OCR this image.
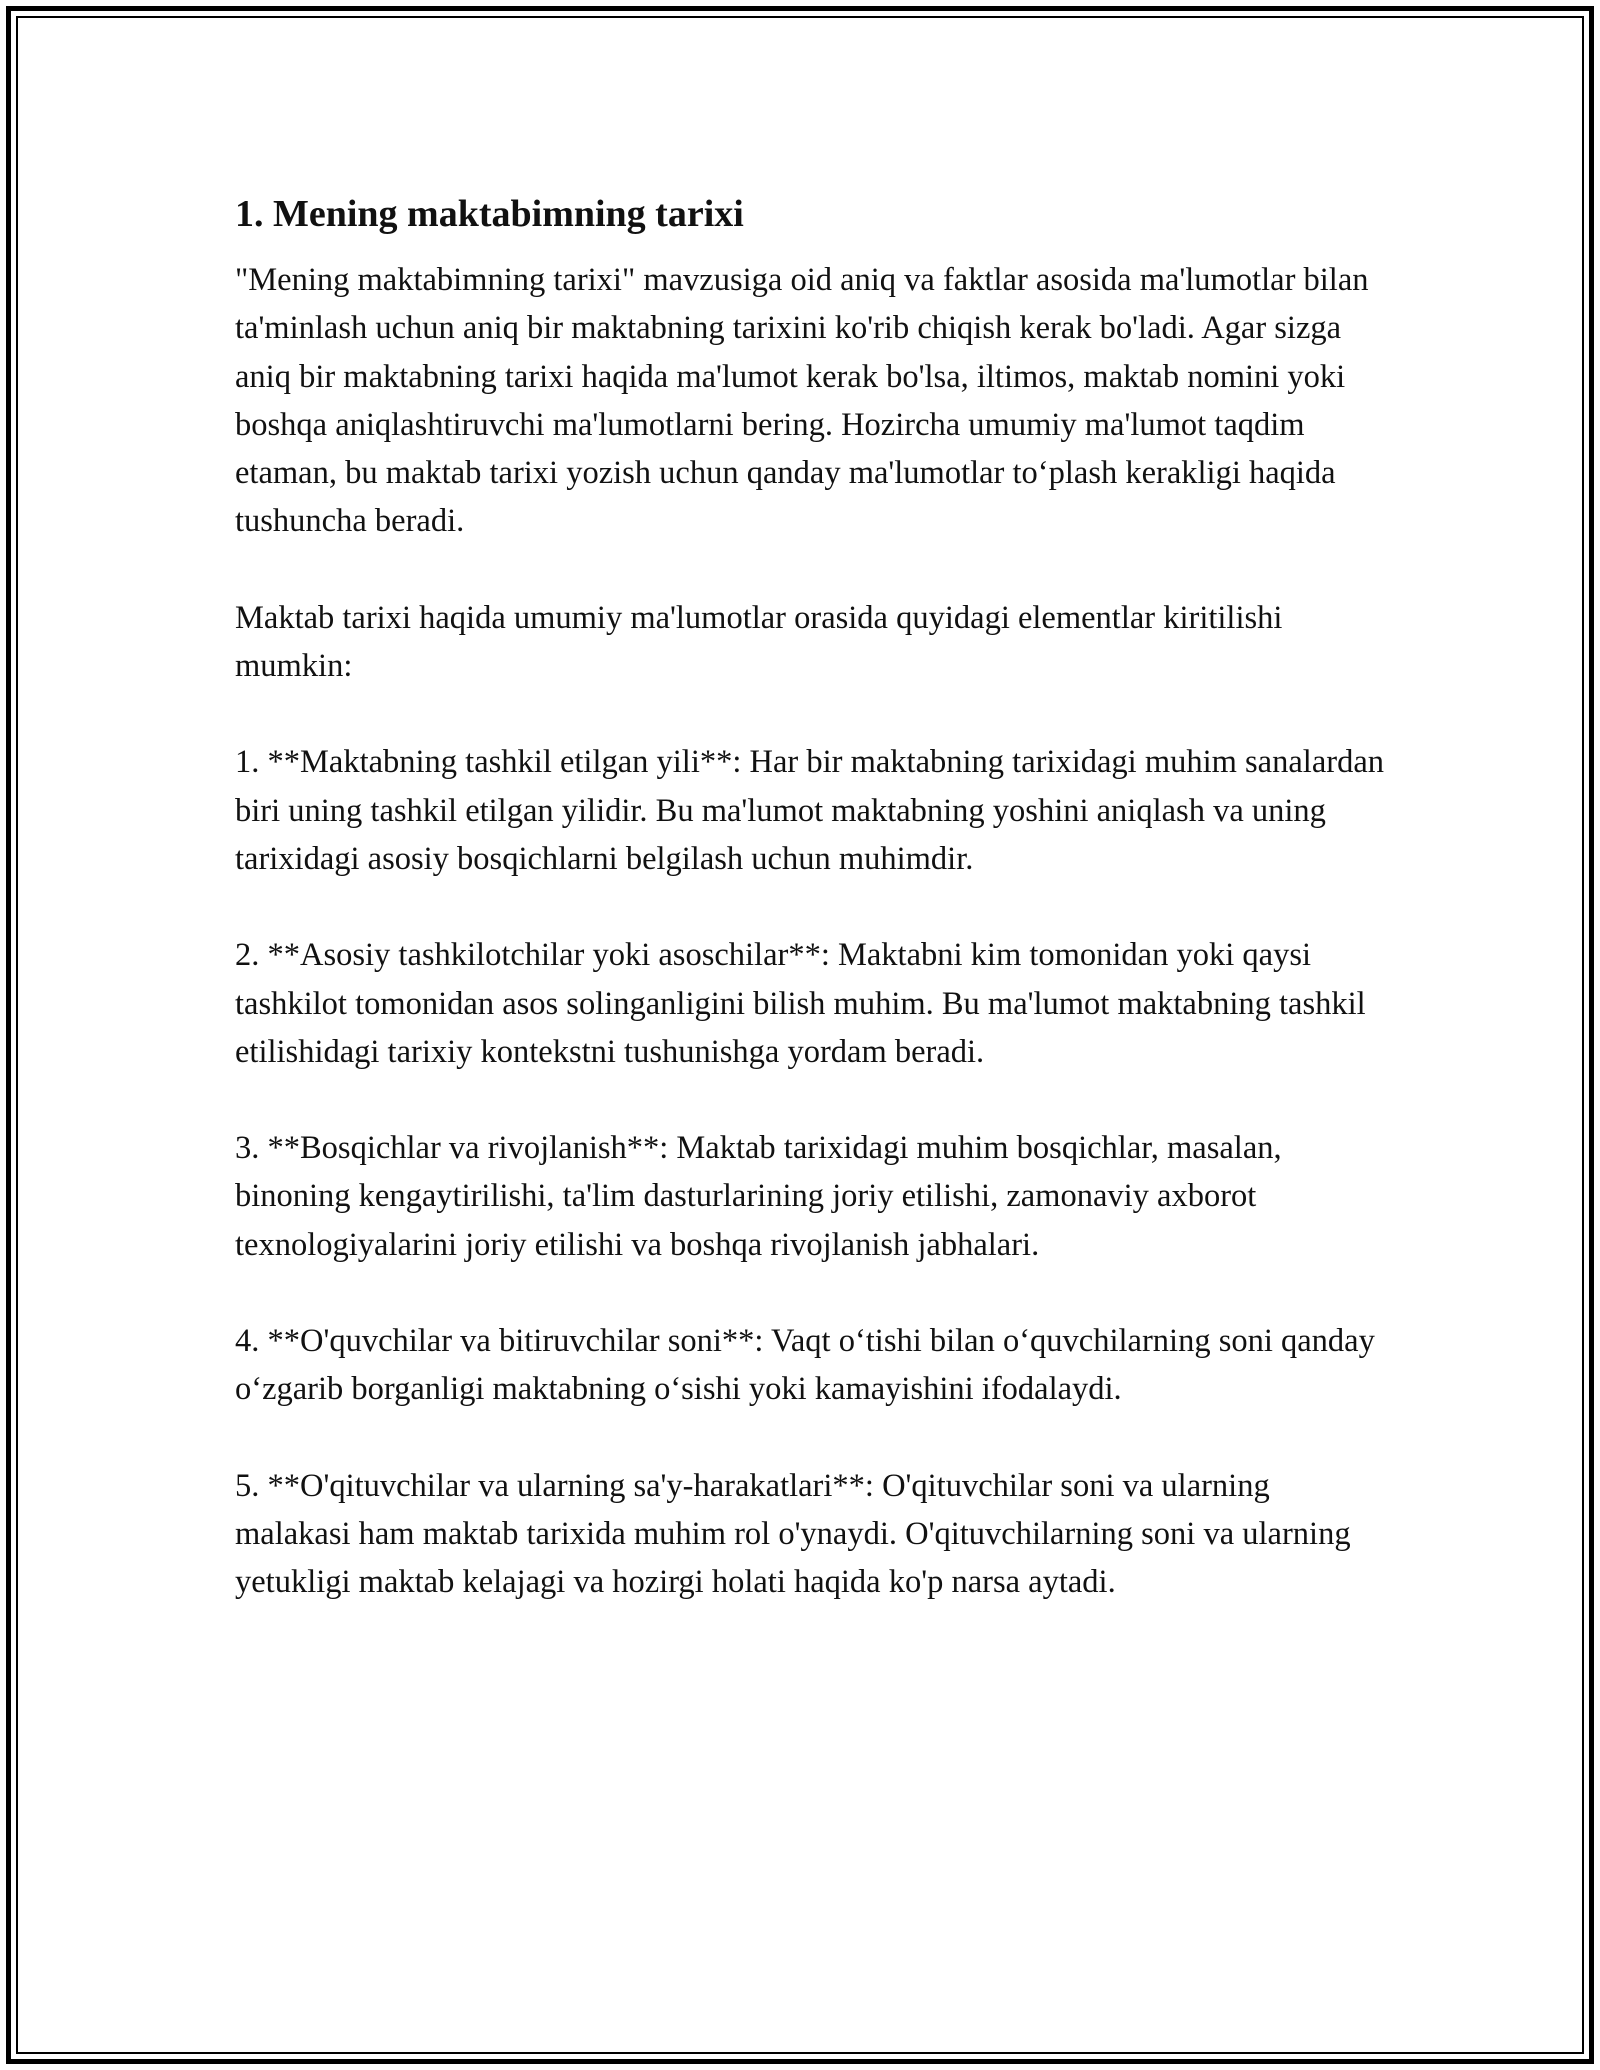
1. Mening maktabimning tarixi

"Mening maktabimning tarixi" mavzusiga oid aniq va faktlar asosida ma'lumotlar bilan ta'minlash uchun aniq bir maktabning tarixini ko'rib chiqish kerak bo'ladi. Agar sizga aniq bir maktabning tarixi haqida ma'lumot kerak bo'lsa, iltimos, maktab nomini yoki boshqa aniqlashtiruvchi ma'lumotlarni bering. Hozircha umumiy ma'lumot taqdim etaman, bu maktab tarixi yozish uchun qanday ma'lumotlar to‘plash kerakligi haqida tushuncha beradi.

Maktab tarixi haqida umumiy ma'lumotlar orasida quyidagi elementlar kiritilishi mumkin:

1. **Maktabning tashkil etilgan yili**: Har bir maktabning tarixidagi muhim sanalardan biri uning tashkil etilgan yilidir. Bu ma'lumot maktabning yoshini aniqlash va uning tarixidagi asosiy bosqichlarni belgilash uchun muhimdir.

2. **Asosiy tashkilotchilar yoki asoschilar**: Maktabni kim tomonidan yoki qaysi tashkilot tomonidan asos solinganligini bilish muhim. Bu ma'lumot maktabning tashkil etilishidagi tarixiy kontekstni tushunishga yordam beradi.

3. **Bosqichlar va rivojlanish**: Maktab tarixidagi muhim bosqichlar, masalan, binoning kengaytirilishi, ta'lim dasturlarining joriy etilishi, zamonaviy axborot texnologiyalarini joriy etilishi va boshqa rivojlanish jabhalari.

4. **O'quvchilar va bitiruvchilar soni**: Vaqt o‘tishi bilan o‘quvchilarning soni qanday o‘zgarib borganligi maktabning o‘sishi yoki kamayishini ifodalaydi.

5. **O'qituvchilar va ularning sa'y-harakatlari**: O'qituvchilar soni va ularning malakasi ham maktab tarixida muhim rol o'ynaydi. O'qituvchilarning soni va ularning yetukligi maktab kelajagi va hozirgi holati haqida ko'p narsa aytadi.
